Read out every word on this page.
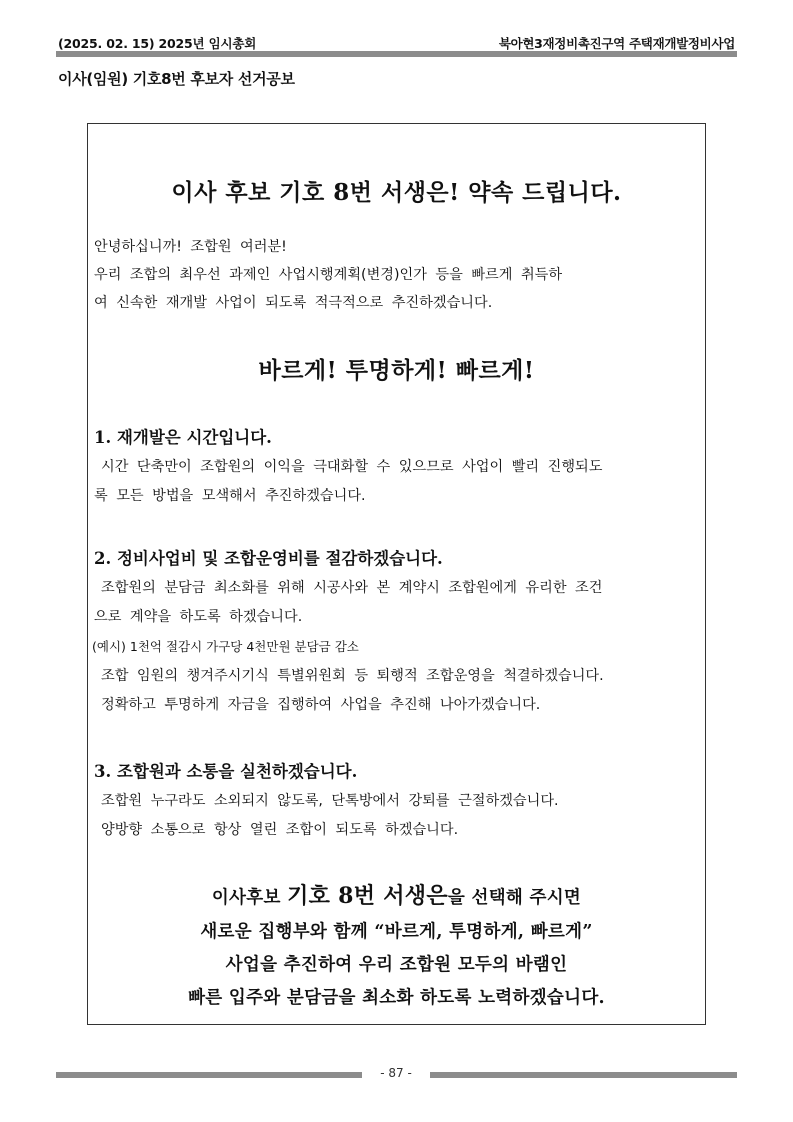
(2025. 02. 15) 2025년 임시총회	북아현3재정비촉진구역 주택재개발정비사업
이사(임원) 기호8번 후보자 선거공보
이사 후보 기호 8번 서생은! 약속 드립니다.
안녕하십니까! 조합원 여러분!
우리 조합의 최우선 과제인 사업시행계획(변경)인가 등을 빠르게 취득하
여 신속한 재개발 사업이 되도록 적극적으로 추진하겠습니다.
바르게! 투명하게! 빠르게!
1. 재개발은 시간입니다.
시간 단축만이 조합원의 이익을 극대화할 수 있으므로 사업이 빨리 진행되도
록 모든 방법을 모색해서 추진하겠습니다.
2. 정비사업비 및 조합운영비를 절감하겠습니다.
조합원의 분담금 최소화를 위해 시공사와 본 계약시 조합원에게 유리한 조건
으로 계약을 하도록 하겠습니다.
(예시) 1천억 절감시 가구당 4천만원 분담금 감소
조합 임원의 챙겨주시기식 특별위원회 등 퇴행적 조합운영을 척결하겠습니다.
정확하고 투명하게 자금을 집행하여 사업을 추진해 나아가겠습니다.
3. 조합원과 소통을 실천하겠습니다.
조합원 누구라도 소외되지 않도록, 단톡방에서 강퇴를 근절하겠습니다.
양방향 소통으로 항상 열린 조합이 되도록 하겠습니다.
이사후보 기호 8번 서생은을 선택해 주시면
새로운 집행부와 함께 “바르게, 투명하게, 빠르게”
사업을 추진하여 우리 조합원 모두의 바램인
빠른 입주와 분담금을 최소화 하도록 노력하겠습니다.
- 87 -
